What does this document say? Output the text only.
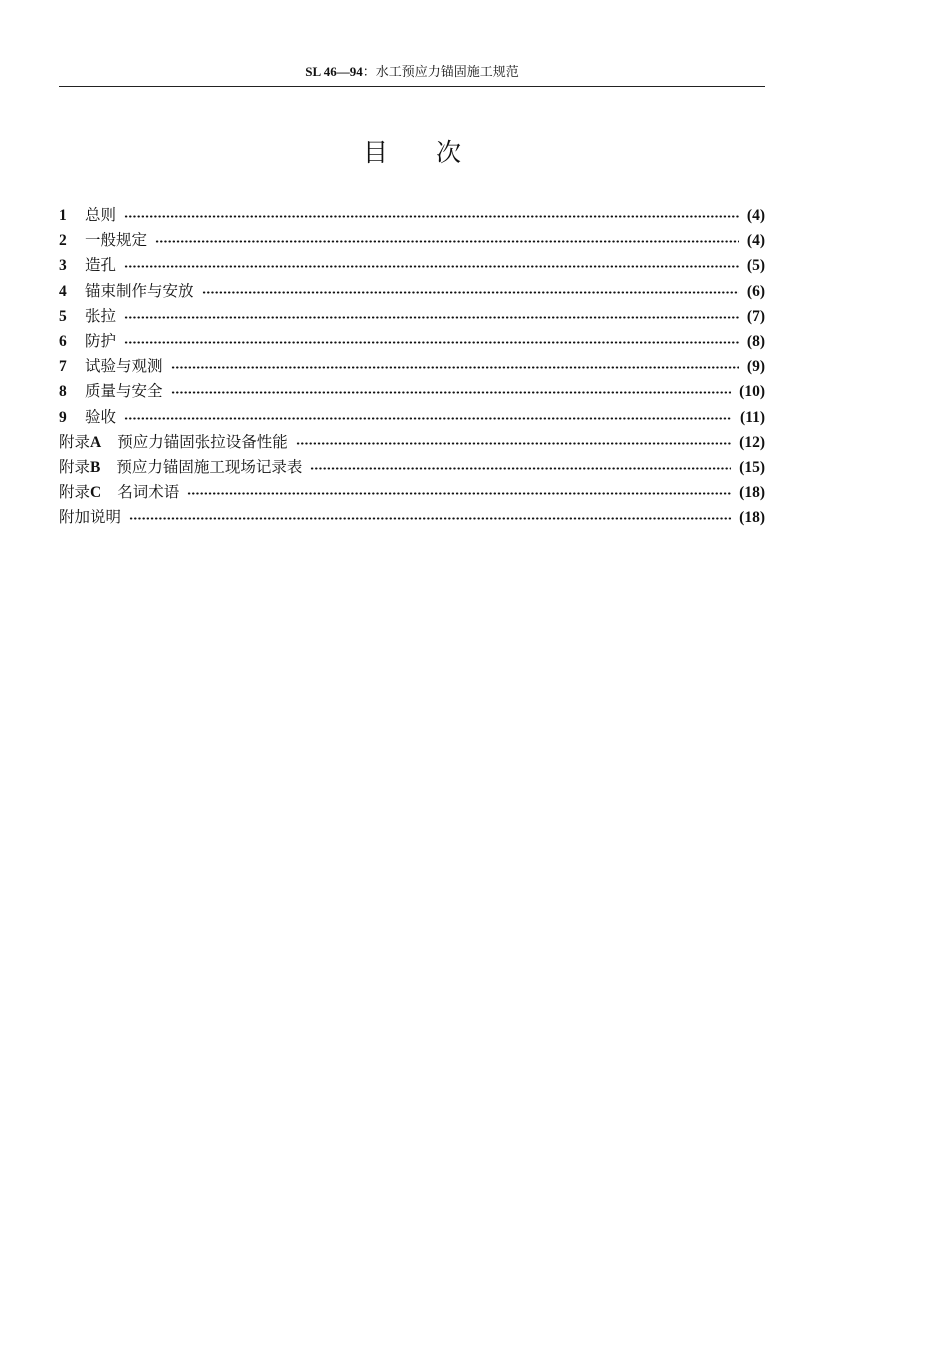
SL 46—94：水工预应力锚固施工规范
目 次
1	总则	(4)
2	一般规定	(4)
3	造孔	(5)
4	锚束制作与安放	(6)
5	张拉	(7)
6	防护	(8)
7	试验与观测	(9)
8	质量与安全	(10)
9	验收	(11)
附录A 预应力锚固张拉设备性能	(12)
附录B 预应力锚固施工现场记录表	(15)
附录C 名词术语	(18)
附加说明	(18)
